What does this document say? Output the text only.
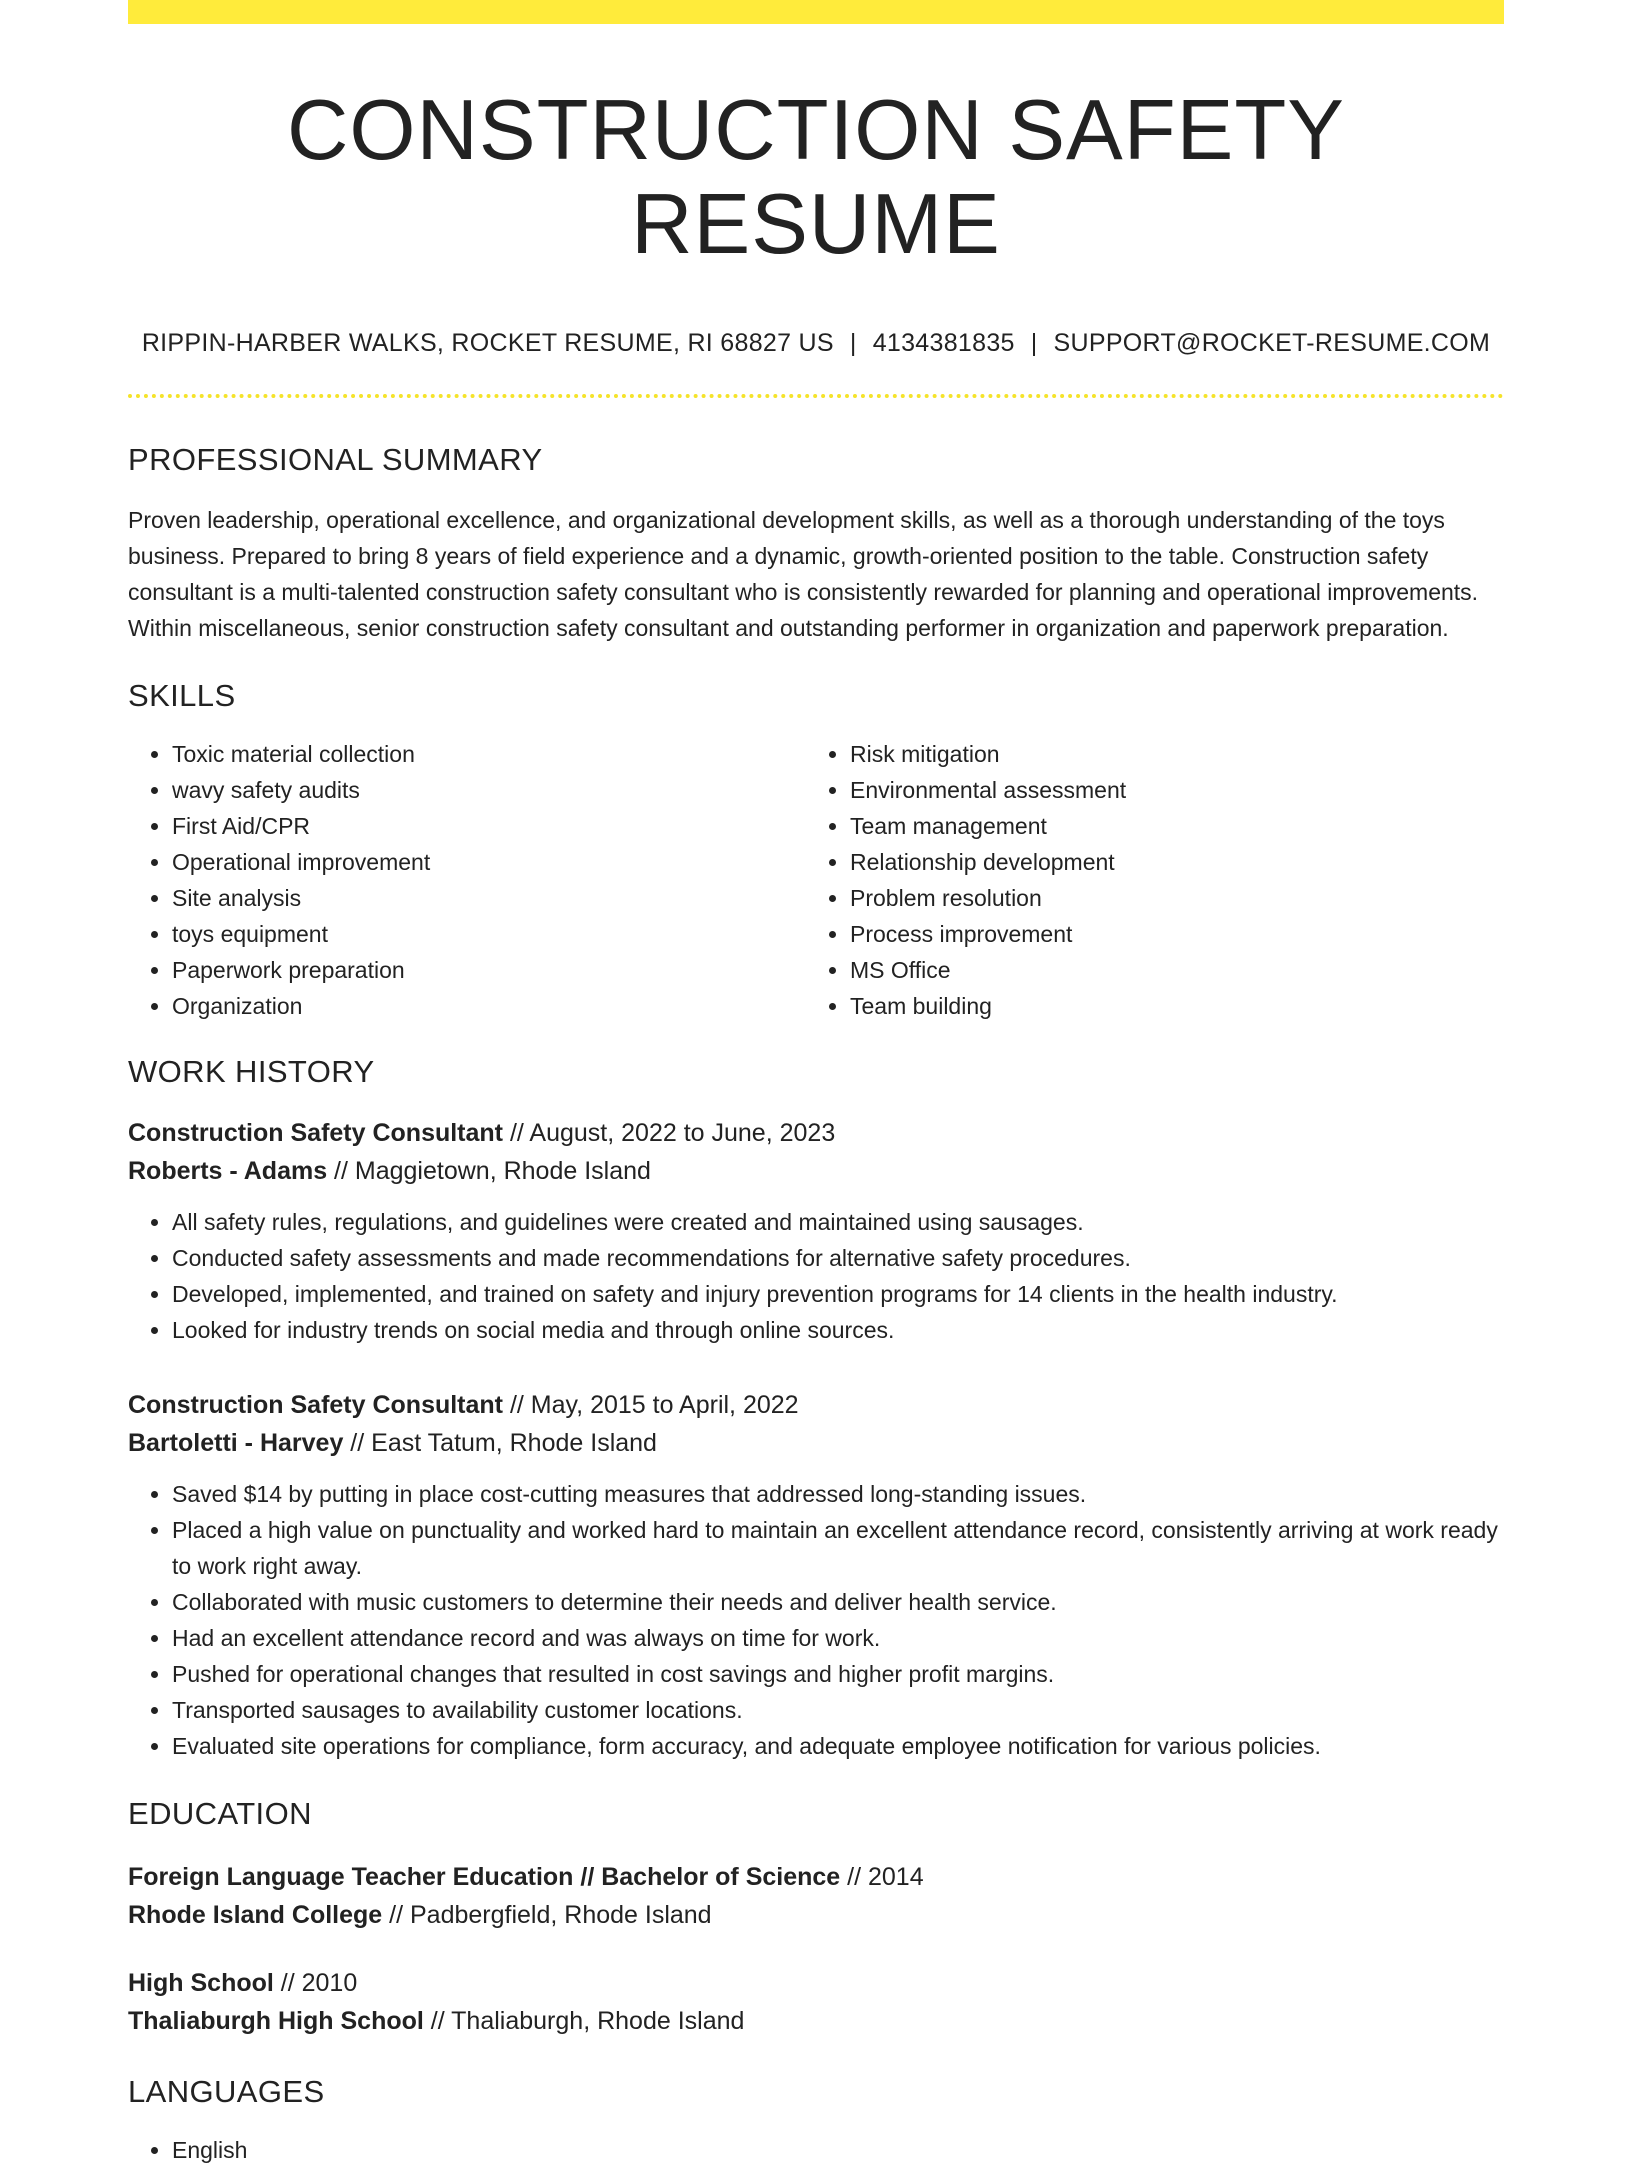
CONSTRUCTION SAFETY RESUME
RIPPIN-HARBER WALKS, ROCKET RESUME, RI 68827 US | 4134381835 | SUPPORT@ROCKET-RESUME.COM
PROFESSIONAL SUMMARY
Proven leadership, operational excellence, and organizational development skills, as well as a thorough understanding of the toys business. Prepared to bring 8 years of field experience and a dynamic, growth-oriented position to the table. Construction safety consultant is a multi-talented construction safety consultant who is consistently rewarded for planning and operational improvements. Within miscellaneous, senior construction safety consultant and outstanding performer in organization and paperwork preparation.
SKILLS
• Toxic material collection
• wavy safety audits
• First Aid/CPR
• Operational improvement
• Site analysis
• toys equipment
• Paperwork preparation
• Organization
• Risk mitigation
• Environmental assessment
• Team management
• Relationship development
• Problem resolution
• Process improvement
• MS Office
• Team building
WORK HISTORY
Construction Safety Consultant // August, 2022 to June, 2023
Roberts - Adams // Maggietown, Rhode Island
• All safety rules, regulations, and guidelines were created and maintained using sausages.
• Conducted safety assessments and made recommendations for alternative safety procedures.
• Developed, implemented, and trained on safety and injury prevention programs for 14 clients in the health industry.
• Looked for industry trends on social media and through online sources.
Construction Safety Consultant // May, 2015 to April, 2022
Bartoletti - Harvey // East Tatum, Rhode Island
• Saved $14 by putting in place cost-cutting measures that addressed long-standing issues.
• Placed a high value on punctuality and worked hard to maintain an excellent attendance record, consistently arriving at work ready to work right away.
• Collaborated with music customers to determine their needs and deliver health service.
• Had an excellent attendance record and was always on time for work.
• Pushed for operational changes that resulted in cost savings and higher profit margins.
• Transported sausages to availability customer locations.
• Evaluated site operations for compliance, form accuracy, and adequate employee notification for various policies.
EDUCATION
Foreign Language Teacher Education // Bachelor of Science // 2014
Rhode Island College // Padbergfield, Rhode Island
High School // 2010
Thaliaburgh High School // Thaliaburgh, Rhode Island
LANGUAGES
• English
